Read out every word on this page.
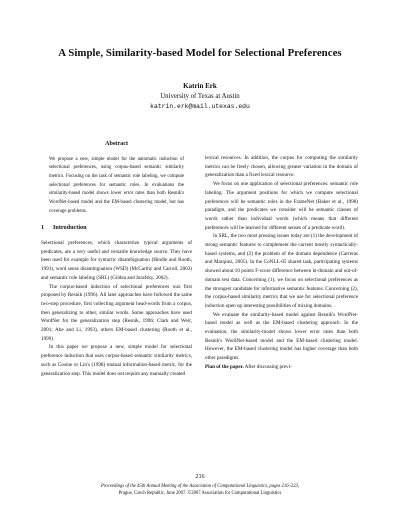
A Simple, Similarity-based Model for Selectional Preferences
Katrin Erk
University of Texas at Austin
katrin.erk@mail.utexas.edu
Abstract
We propose a new, simple model for the automatic induction of selectional preferences, using corpus-based semantic similarity metrics. Focusing on the task of semantic role labeling, we compute selectional preferences for semantic roles. In evaluations the similarity-based model shows lower error rates than both Resnik's WordNet-based model and the EM-based clustering model, but has coverage problems.
1 Introduction

Selectional preferences, which characterize typical arguments of predicates, are a very useful and versatile knowledge source. They have been used for example for syntactic disambiguation (Hindle and Rooth, 1993), word sense disambiguation (WSD) (McCarthy and Carroll, 2003) and semantic role labeling (SRL) (Gildea and Jurafsky, 2002).

The corpus-based induction of selectional preferences was first proposed by Resnik (1996). All later approaches have followed the same two-step procedure, first collecting argument head-words from a corpus, then generalizing to other, similar words. Some approaches have used WordNet for the generalization step (Resnik, 1996; Clark and Weir, 2001; Abe and Li, 1993), others EM-based clustering (Rooth et al., 1999).

In this paper we propose a new, simple model for selectional preference induction that uses corpus-based semantic similarity metrics, such as Cosine or Lin's (1998) mutual information-based metric, for the generalization step. This model does not require any manually created

lexical resources. In addition, the corpus for computing the similarity metrics can be freely chosen, allowing greater variation in the domain of generalization than a fixed lexical resource.

We focus on one application of selectional preferences: semantic role labeling. The argument positions for which we compute selectional preferences will be semantic roles in the FrameNet (Baker et al., 1998) paradigm, and the predicates we consider will be semantic classes of words rather than individual words (which means that different preferences will be learned for different senses of a predicate word).

In SRL, the two most pressing issues today are (1) the development of strong semantic features to complement the current mostly syntactically-based systems, and (2) the problem of the domain dependence (Carreras and Marquez, 2005). In the CoNLL-05 shared task, participating systems showed about 10 points F-score difference between in-domain and out-of-domain test data. Concerning (1), we focus on selectional preferences as the strongest candidate for informative semantic features. Concerning (2), the corpus-based similarity metrics that we use for selectional preference induction open up interesting possibilities of mixing domains.

We evaluate the similarity-based model against Resnik's WordNet-based model as well as the EM-based clustering approach. In the evaluation, the similarity-model shows lower error rates than both Resnik's WordNet-based model and the EM-based clustering model. However, the EM-based clustering model has higher coverage than both other paradigms.

Plan of the paper. After discussing previ-

216
Proceedings of the 45th Annual Meeting of the Association of Computational Linguistics, pages 216–223,
Prague, Czech Republic, June 2007. ©2007 Association for Computational Linguistics
